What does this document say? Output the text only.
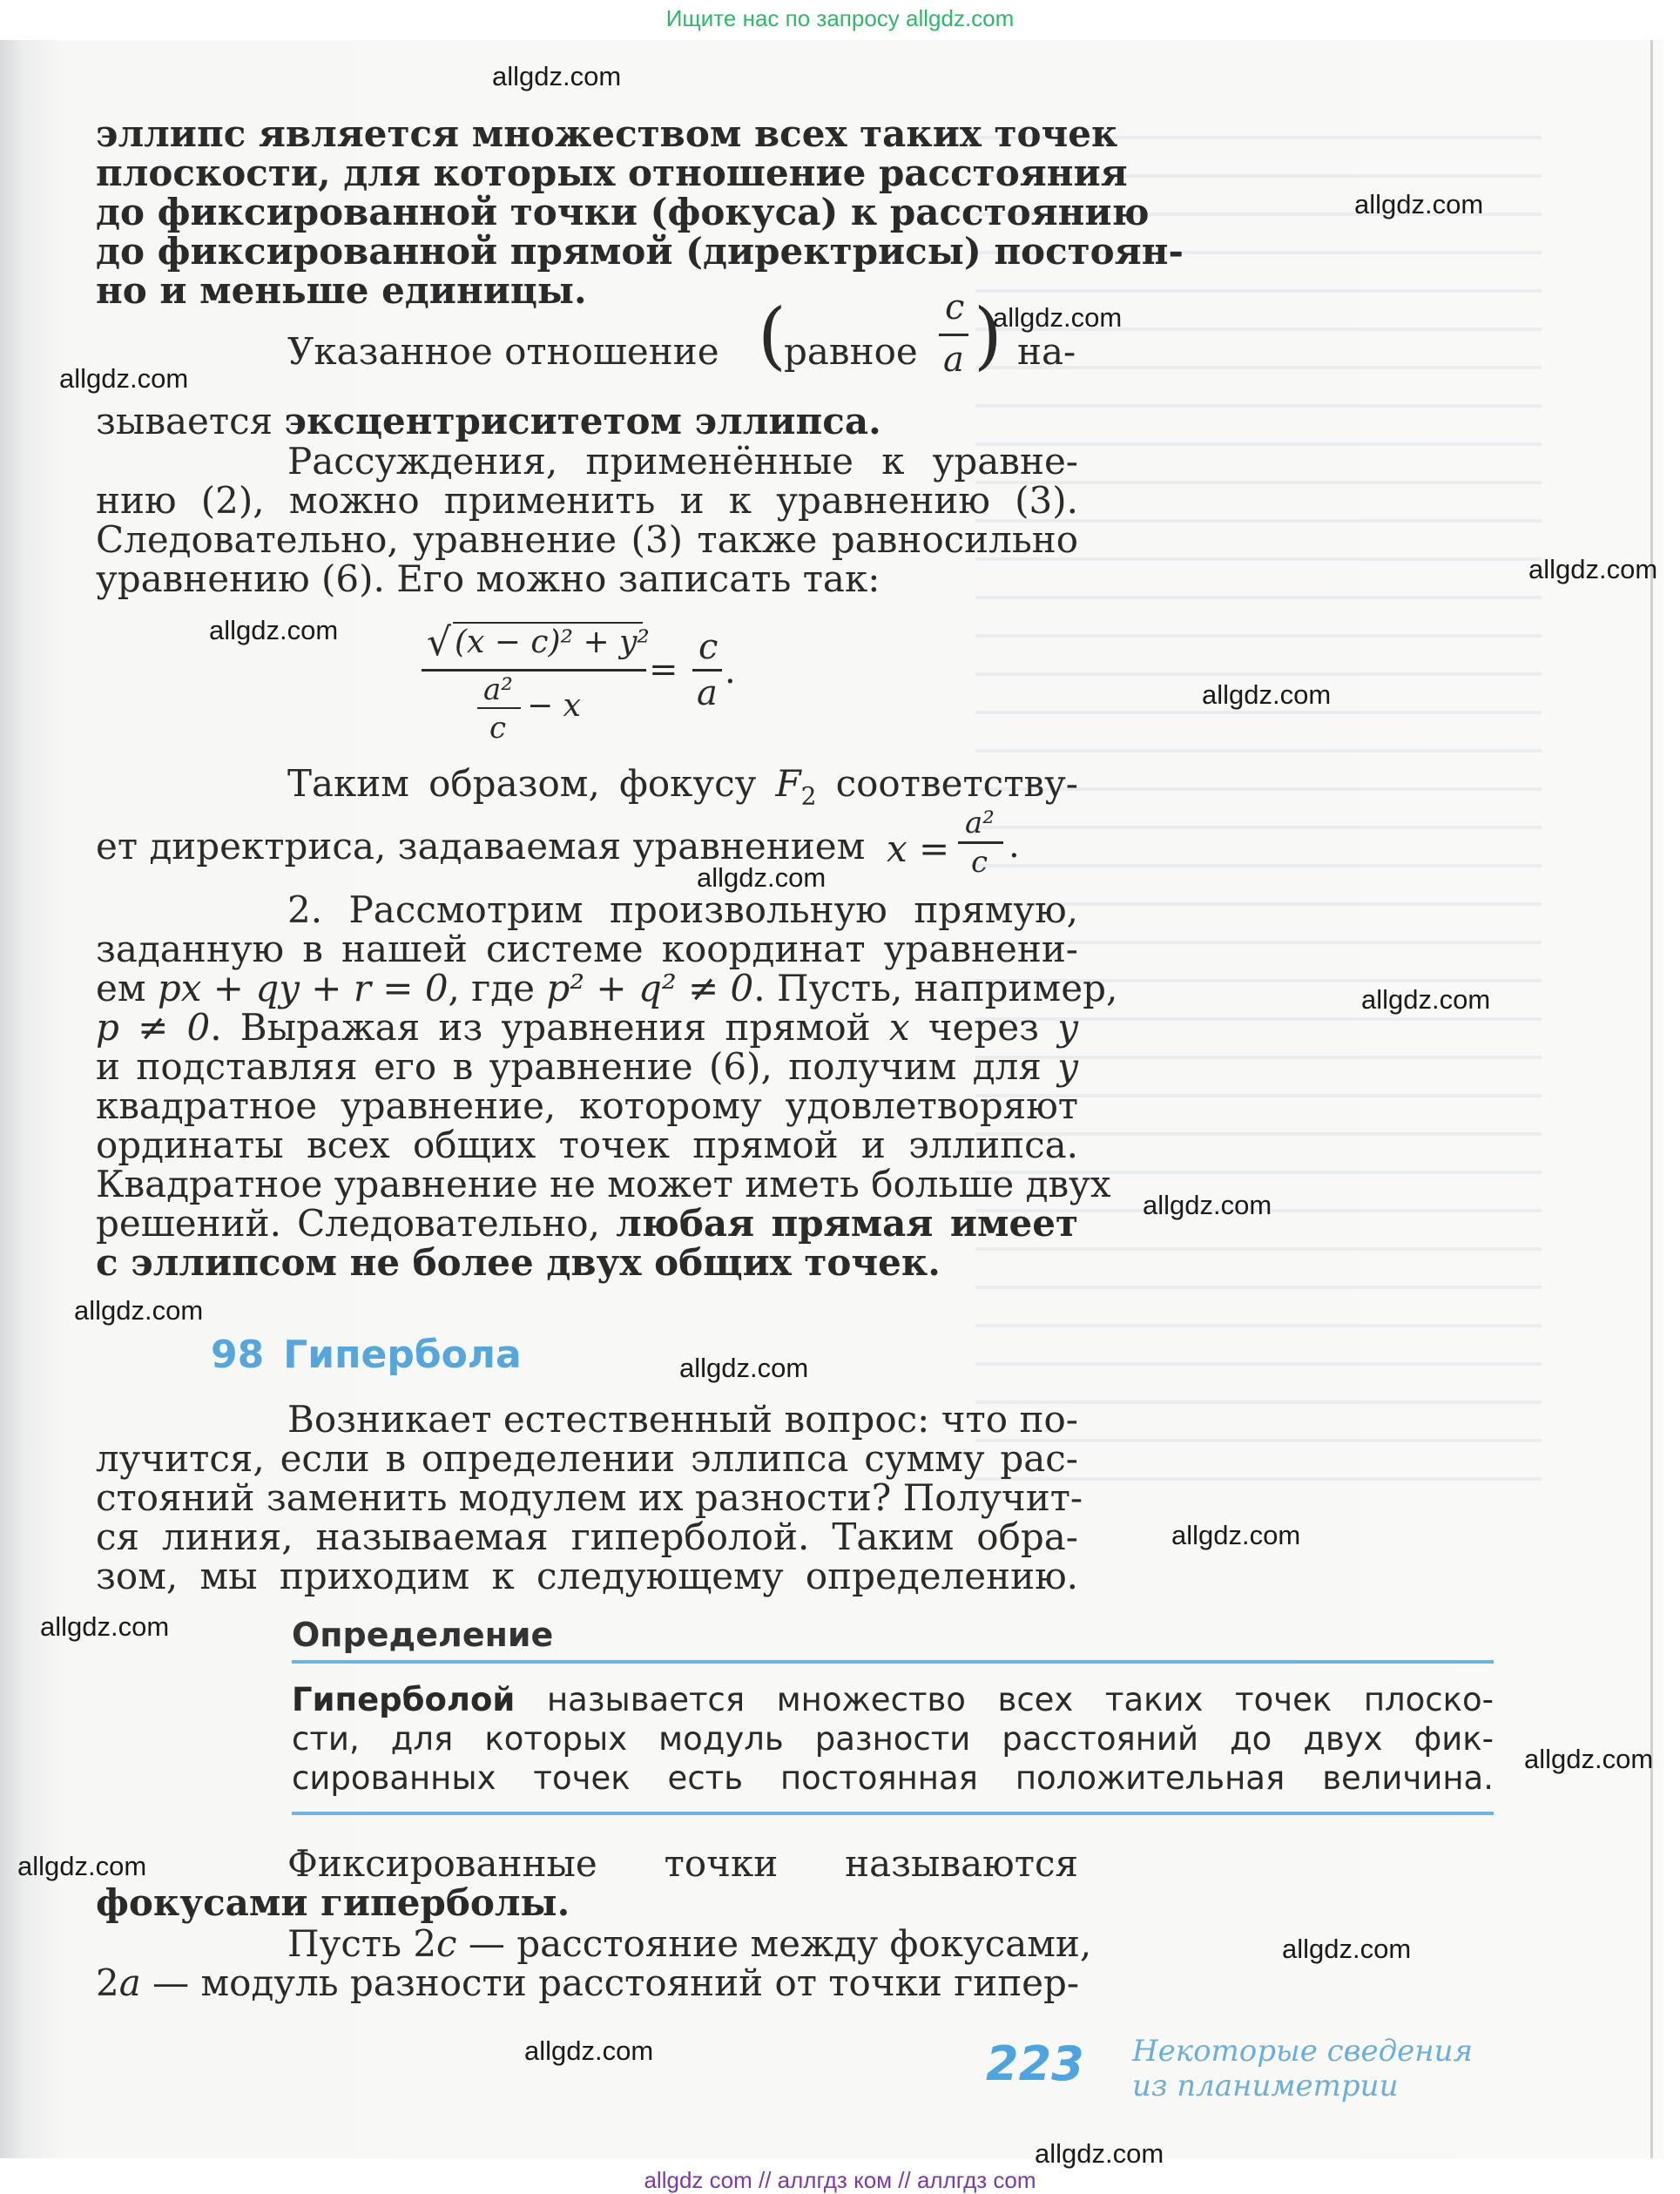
Ищите нас по запросу allgdz.com
эллипс является множеством всех таких точек
плоскости, для которых отношение расстояния
до фиксированной точки (фокуса) к расстоянию
до фиксированной прямой (директрисы) постоян-
но и меньше единицы.
Указанное отношение (
равное
c
a ) на-
зывается эксцентриситетом эллипса.
Рассуждения, применённые к уравне-
нию (2), можно применить и к уравнению (3).
Следовательно, уравнение (3) также равносильно
уравнению (6). Его можно записать так:
√ (x − c)² + y²
a²
c
− x
=
c
a
.
Таким образом, фокусу $F_2$ соответству-
ет директриса, задаваемая уравнением x =
a²
c .
2. Рассмотрим произвольную прямую,
заданную в нашей системе координат уравнени-
ем px + qy + r = 0, где p² + q² ≠ 0. Пусть, например,
p ≠ 0. Выражая из уравнения прямой x через y
и подставляя его в уравнение (6), получим для y
квадратное уравнение, которому удовлетворяют
ординаты всех общих точек прямой и эллипса.
Квадратное уравнение не может иметь больше двух
решений. Следовательно, любая прямая имеет
с эллипсом не более двух общих точек.
98 Гипербола
Возникает естественный вопрос: что по-
лучится, если в определении эллипса сумму рас-
стояний заменить модулем их разности? Получит-
ся линия, называемая гиперболой. Таким обра-
зом, мы приходим к следующему определению.
Определение
Гиперболой называется множество всех таких точек плоско-
сти, для которых модуль разности расстояний до двух фик-
сированных точек есть постоянная положительная величина.
Фиксированные точки называются
фокусами гиперболы.
Пусть 2c — расстояние между фокусами,
2a — модуль разности расстояний от точки гипер-
223 Некоторые сведения
из планиметрии
allgdz.com
allgdz.com
allgdz.com
allgdz.com
allgdz.com
allgdz.com
allgdz.com
allgdz.com
allgdz.com
allgdz.com
allgdz.com
allgdz.com
allgdz.com
allgdz.com
allgdz.com
allgdz.com
allgdz.com
allgdz.com
allgdz.com
allgdz com // аллгдз ком // аллгдз com
